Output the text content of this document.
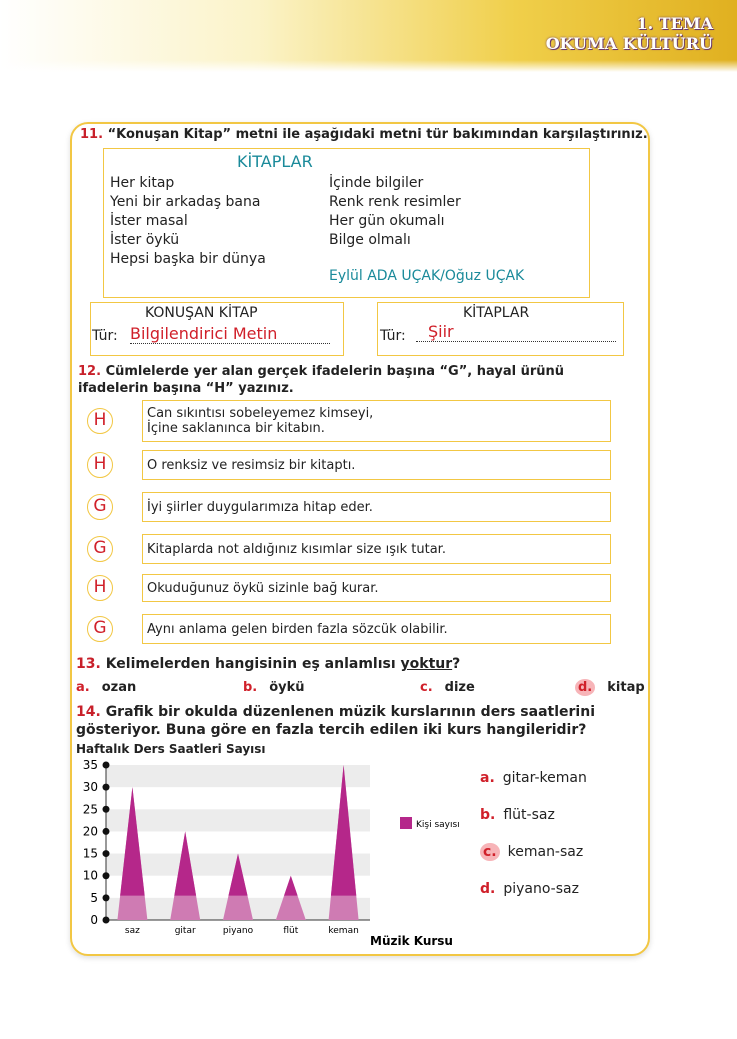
1. TEMA
OKUMA KÜLTÜRÜ
11. “Konuşan Kitap” metni ile aşağıdaki metni tür bakımından karşılaştırınız.
KİTAPLAR
Her kitap
Yeni bir arkadaş bana
İster masal
İster öykü
Hepsi başka bir dünya
İçinde bilgiler
Renk renk resimler
Her gün okumalı
Bilge olmalı
Eylül ADA UÇAK/Oğuz UÇAK
KONUŞAN KİTAP
Tür: Bilgilendirici Metin
KİTAPLAR
Tür:	Şiir
12. Cümlelerde yer alan gerçek ifadelerin başına “G”, hayal ürünü ifadelerin başına “H” yazınız.
H	Can sıkıntısı sobeleyemez kimseyi,
İçine saklanınca bir kitabın.
H	O renksiz ve resimsiz bir kitaptı.
G	İyi şiirler duygularımıza hitap eder.
G	Kitaplarda not aldığınız kısımlar size ışık tutar.
H	Okuduğunuz öykü sizinle bağ kurar.
G	Aynı anlama gelen birden fazla sözcük olabilir.
13. Kelimelerden hangisinin eş anlamlısı yoktur?
a. ozan	b. öykü	c. dize	d. kitap
14. Grafik bir okulda düzenlenen müzik kurslarının ders saatlerini gösteriyor. Buna göre en fazla tercih edilen iki kurs hangileridir?
Haftalık Ders Saatleri Sayısı
0
5
10
15
20
25
30
35
saz	gitar	piyano	flüt	keman
Müzik Kursu
Kişi sayısı
a. gitar-keman
b. flüt-saz
c. keman-saz
d. piyano-saz
